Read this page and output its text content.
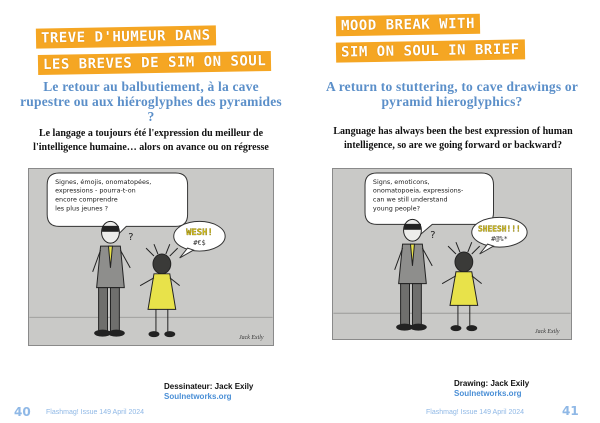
TREVE D'HUMEUR DANS
LES BREVES DE SIM ON SOUL
Le retour au balbutiement, à la cave rupestre ou aux hiéroglyphes des pyramides ?
Le langage a toujours été l'expression du meilleur de l'intelligence humaine… alors on avance ou on régresse
Signes, émojis, onomatopées,
expressions - pourra-t-on
encore comprendre
les plus jeunes ?
WESH!
#€$
?
Jack Exily
Dessinateur: Jack Exily
Soulnetworks.org
40 Flashmag! Issue 149 April 2024
MOOD BREAK WITH
SIM ON SOUL IN BRIEF
A return to stuttering, to cave drawings or pyramid hieroglyphics?
Language has always been the best expression of human intelligence, so are we going forward or backward?
Signs, emoticons,
onomatopoeia, expressions-
can we still understand
young people?
SHEESH!!!
#@%*
?
Jack Exily
Drawing: Jack Exily
Soulnetworks.org
Flashmag! Issue 149 April 2024	41
